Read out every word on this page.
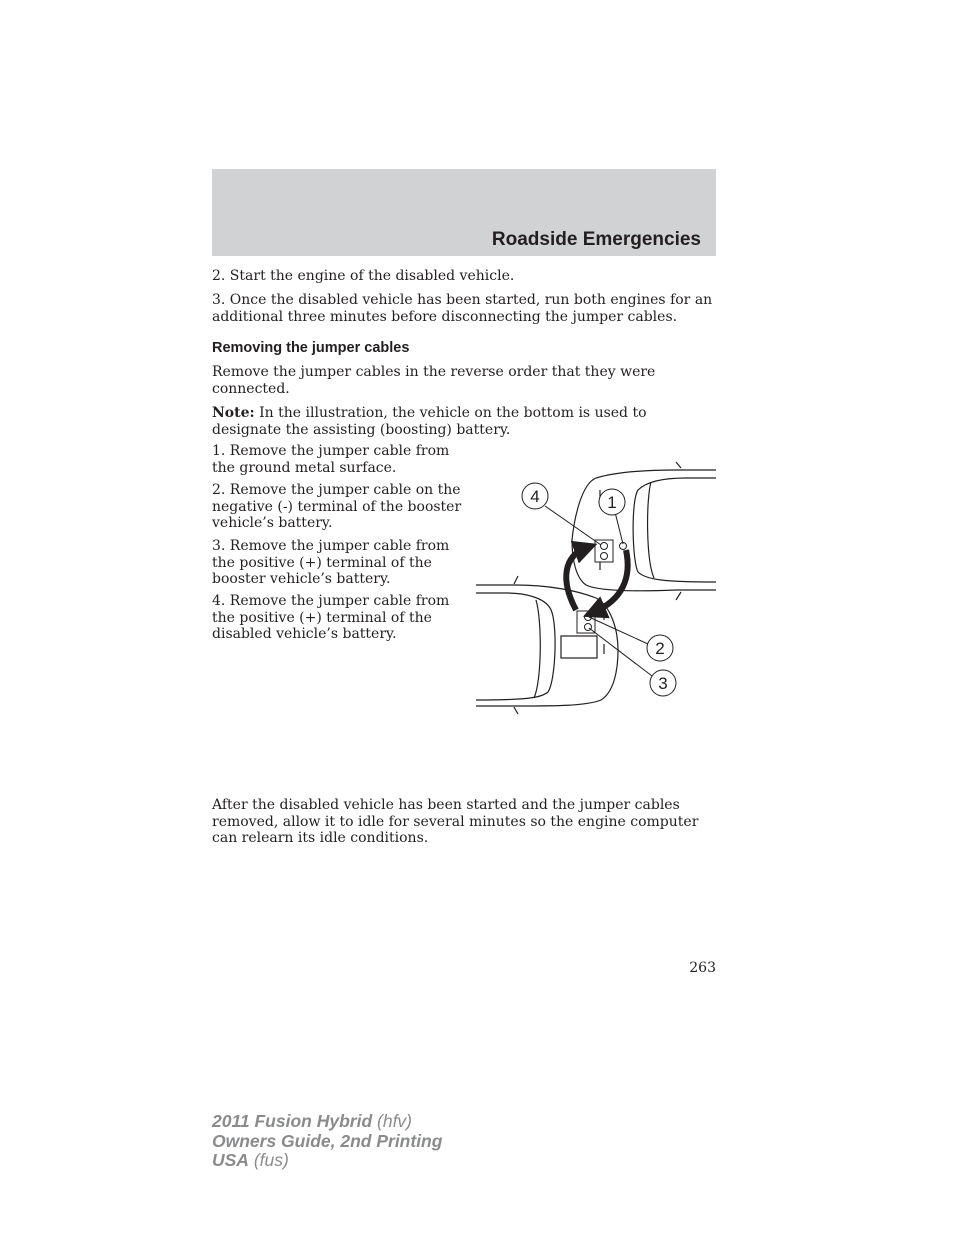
Roadside Emergencies

2. Start the engine of the disabled vehicle.

3. Once the disabled vehicle has been started, run both engines for an additional three minutes before disconnecting the jumper cables.

Removing the jumper cables

Remove the jumper cables in the reverse order that they were connected.

Note: In the illustration, the vehicle on the bottom is used to designate the assisting (boosting) battery.

1. Remove the jumper cable from the ground metal surface.

2. Remove the jumper cable on the negative (-) terminal of the booster vehicle’s battery.

3. Remove the jumper cable from the positive (+) terminal of the booster vehicle’s battery.

4. Remove the jumper cable from the positive (+) terminal of the disabled vehicle’s battery.

4	1
2
3

After the disabled vehicle has been started and the jumper cables removed, allow it to idle for several minutes so the engine computer can relearn its idle conditions.

263
2011 Fusion Hybrid (hfv)
Owners Guide, 2nd Printing
USA (fus)
